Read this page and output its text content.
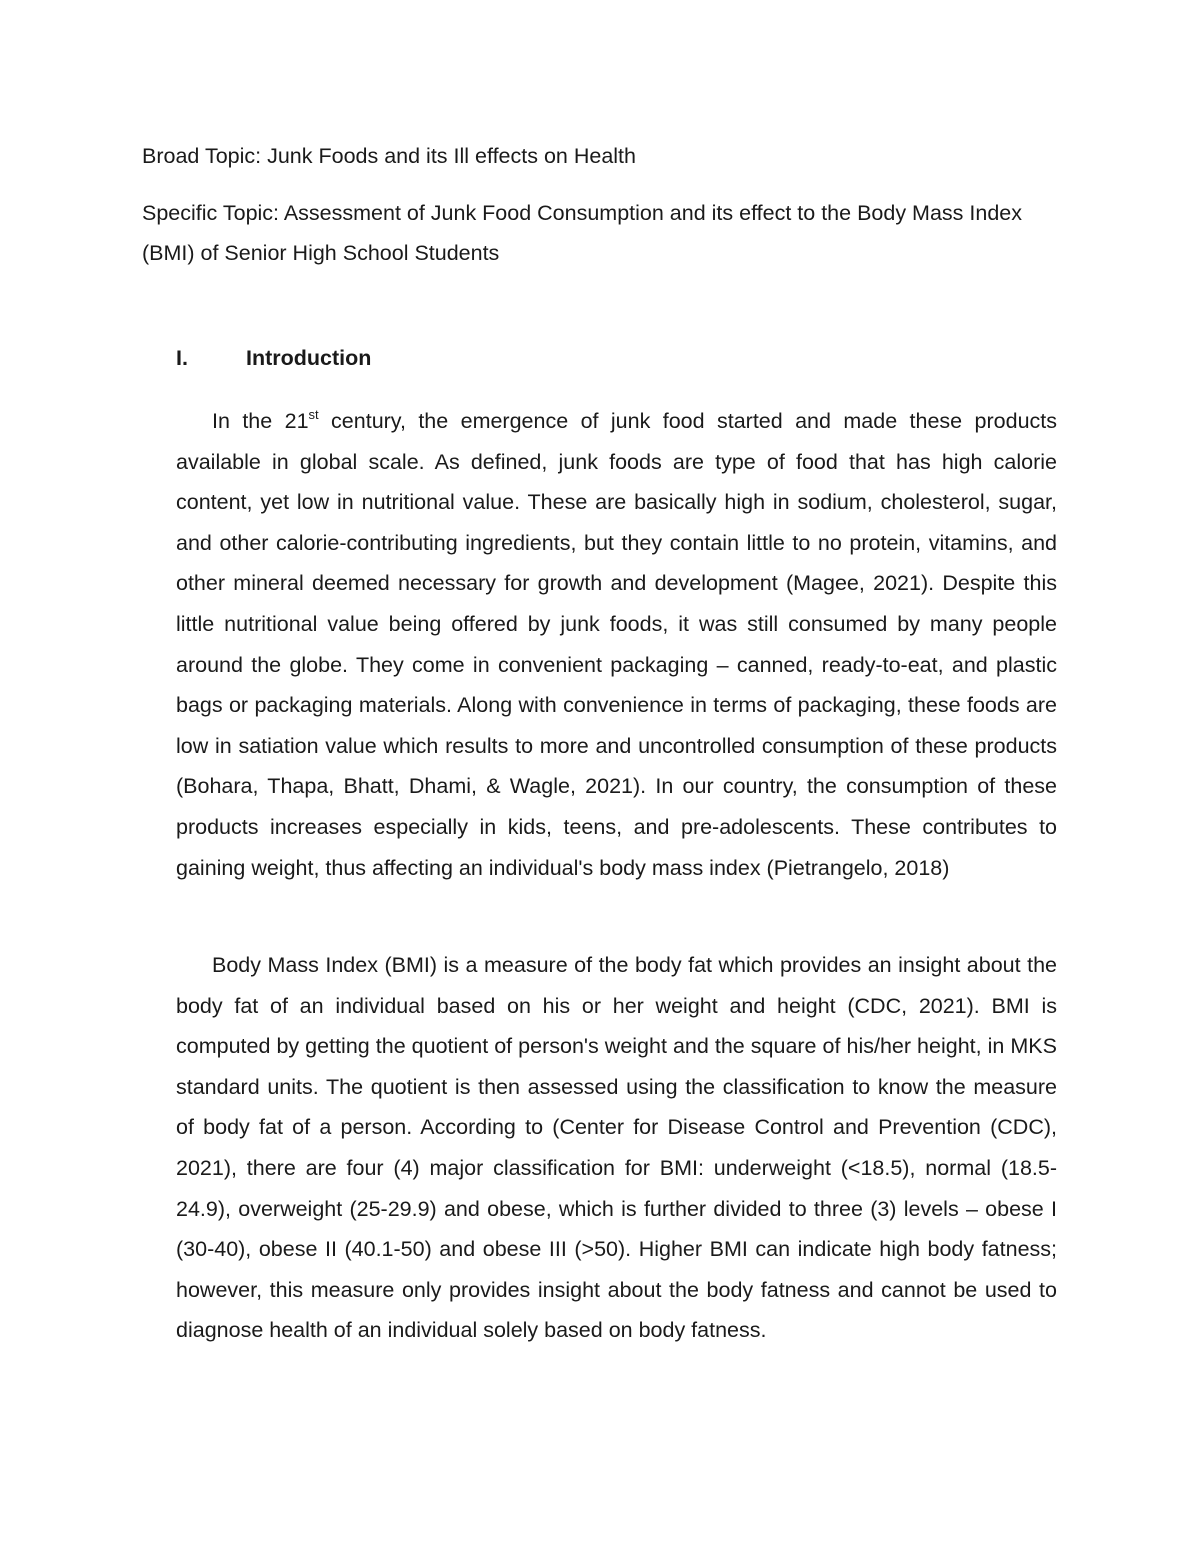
Broad Topic: Junk Foods and its Ill effects on Health

Specific Topic: Assessment of Junk Food Consumption and its effect to the Body Mass Index (BMI) of Senior High School Students

I.	Introduction

In the 21st century, the emergence of junk food started and made these products available in global scale. As defined, junk foods are type of food that has high calorie content, yet low in nutritional value. These are basically high in sodium, cholesterol, sugar, and other calorie-contributing ingredients, but they contain little to no protein, vitamins, and other mineral deemed necessary for growth and development (Magee, 2021). Despite this little nutritional value being offered by junk foods, it was still consumed by many people around the globe. They come in convenient packaging – canned, ready-to-eat, and plastic bags or packaging materials. Along with convenience in terms of packaging, these foods are low in satiation value which results to more and uncontrolled consumption of these products (Bohara, Thapa, Bhatt, Dhami, & Wagle, 2021). In our country, the consumption of these products increases especially in kids, teens, and pre-adolescents. These contributes to gaining weight, thus affecting an individual's body mass index (Pietrangelo, 2018)

Body Mass Index (BMI) is a measure of the body fat which provides an insight about the body fat of an individual based on his or her weight and height (CDC, 2021). BMI is computed by getting the quotient of person's weight and the square of his/her height, in MKS standard units. The quotient is then assessed using the classification to know the measure of body fat of a person. According to (Center for Disease Control and Prevention (CDC), 2021), there are four (4) major classification for BMI: underweight (<18.5), normal (18.5-24.9), overweight (25-29.9) and obese, which is further divided to three (3) levels – obese I (30-40), obese II (40.1-50) and obese III (>50). Higher BMI can indicate high body fatness; however, this measure only provides insight about the body fatness and cannot be used to diagnose health of an individual solely based on body fatness.
